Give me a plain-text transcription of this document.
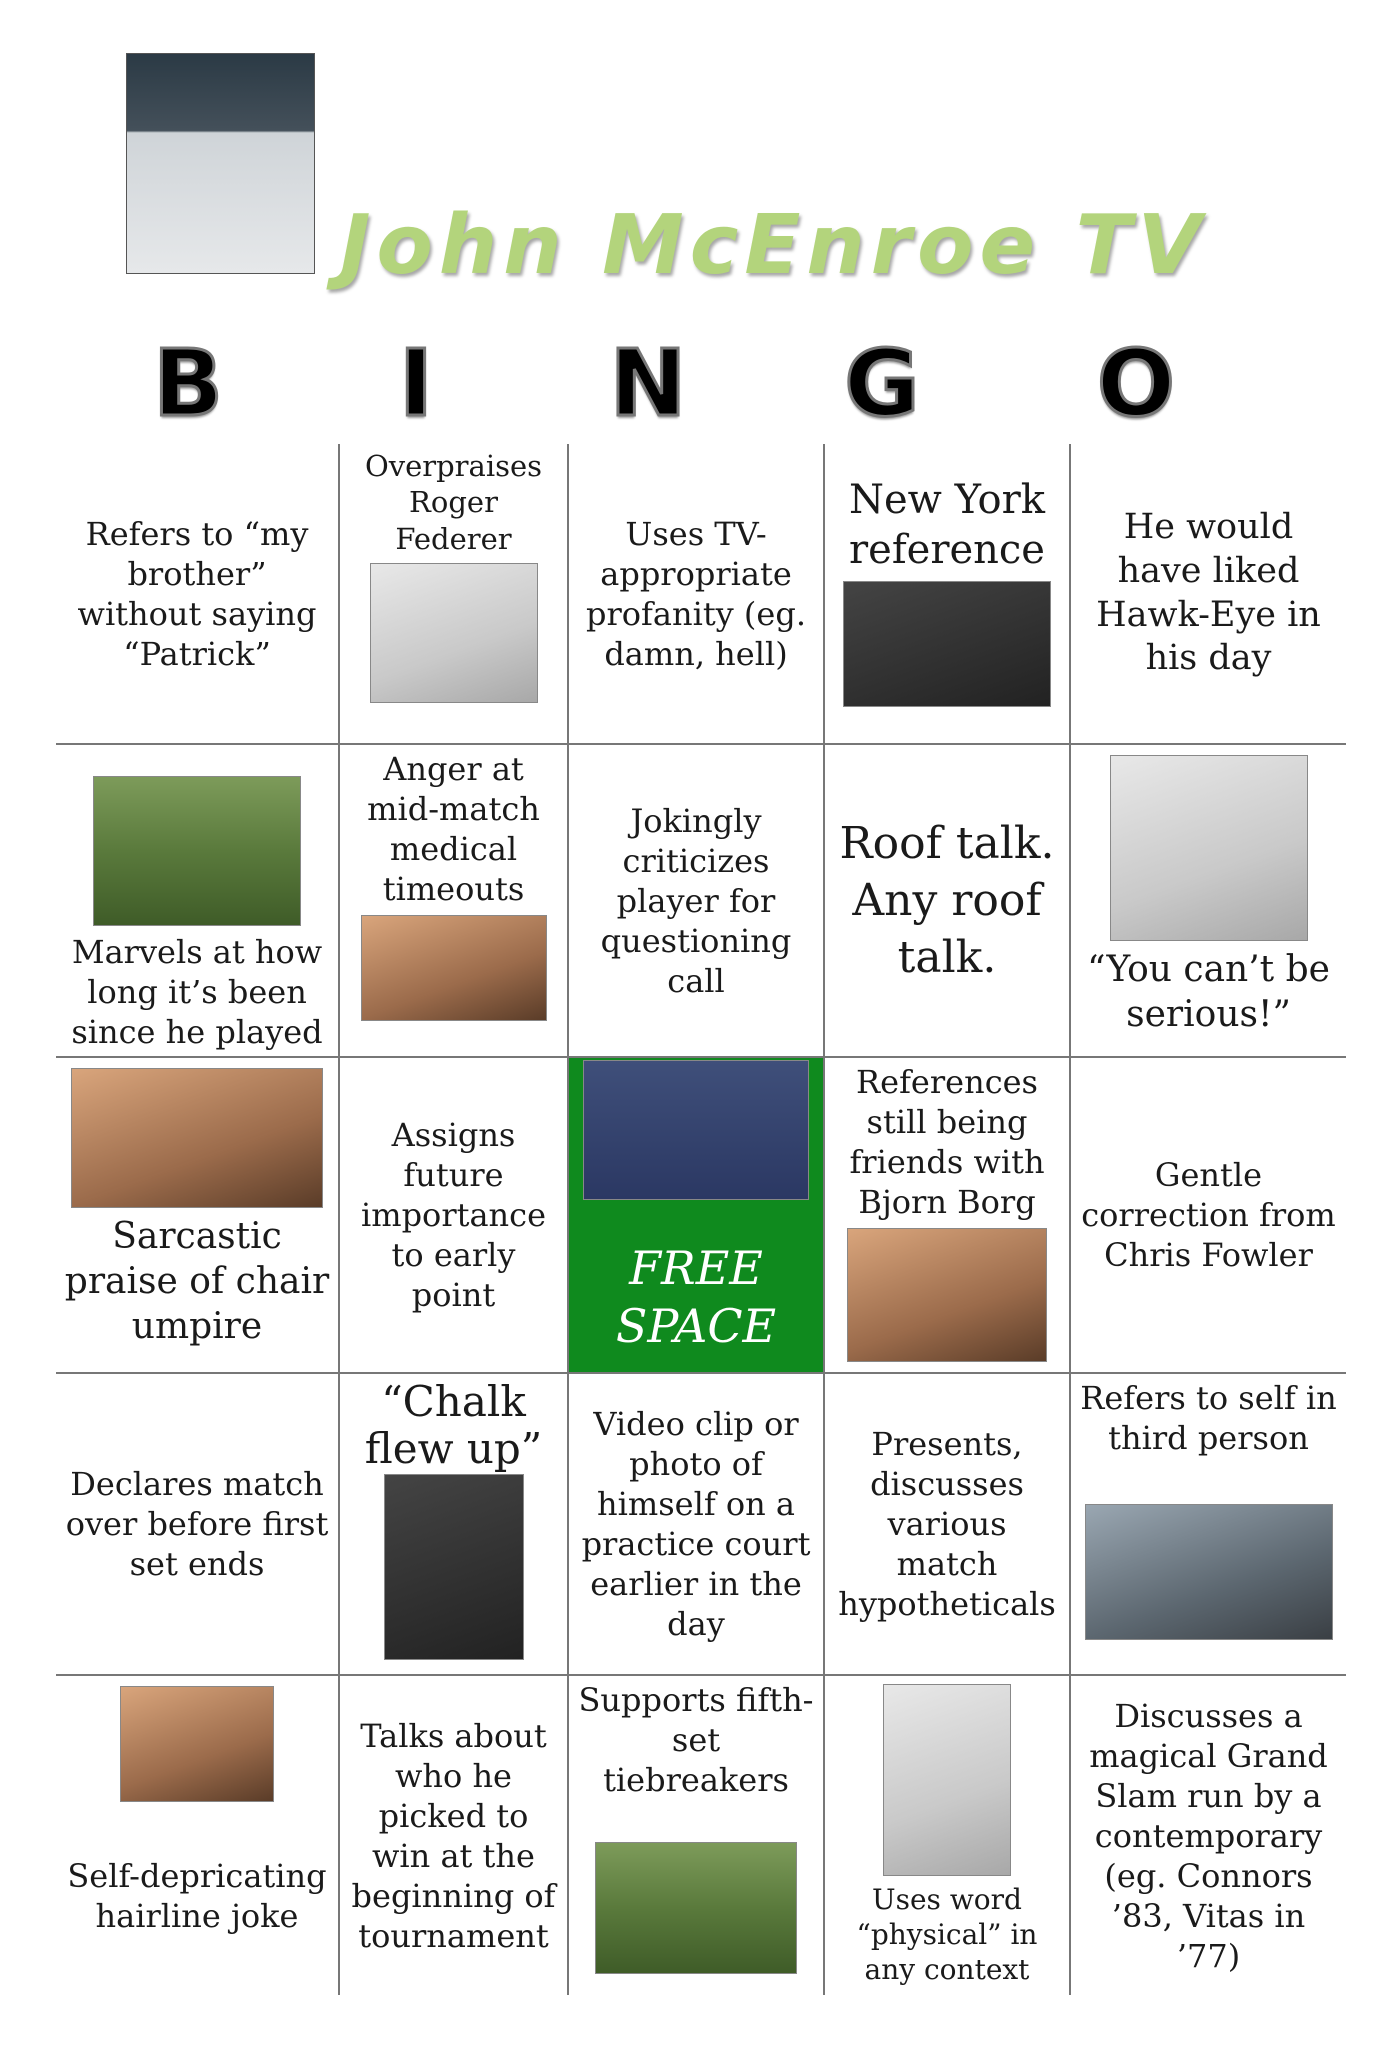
John McEnroe TV
B	I	N G O
Refers to “my brother” without saying “Patrick”	Overpraises Roger Federer	Uses TV-appropriate profanity (eg. damn, hell)	New York reference	He would have liked Hawk-Eye in his day

Marvels at how long it’s been since he played	Anger at mid-match medical timeouts	Jokingly criticizes player for questioning call	Roof talk. Any roof talk.	“You can’t be serious!”

Sarcastic praise of chair umpire	Assigns future importance to early point	FREE SPACE	References still being friends with Bjorn Borg	Gentle correction from Chris Fowler

Declares match over before first set ends	“Chalk flew up”	Video clip or photo of himself on a practice court earlier in the day	Presents, discusses various match hypotheticals	Refers to self in third person

Self-depricating hairline joke	Talks about who he picked to win at the beginning of tournament	Supports fifth-set tiebreakers	Uses word “physical” in any context	Discusses a magical Grand Slam run by a contemporary (eg. Connors ’83, Vitas in ’77)
